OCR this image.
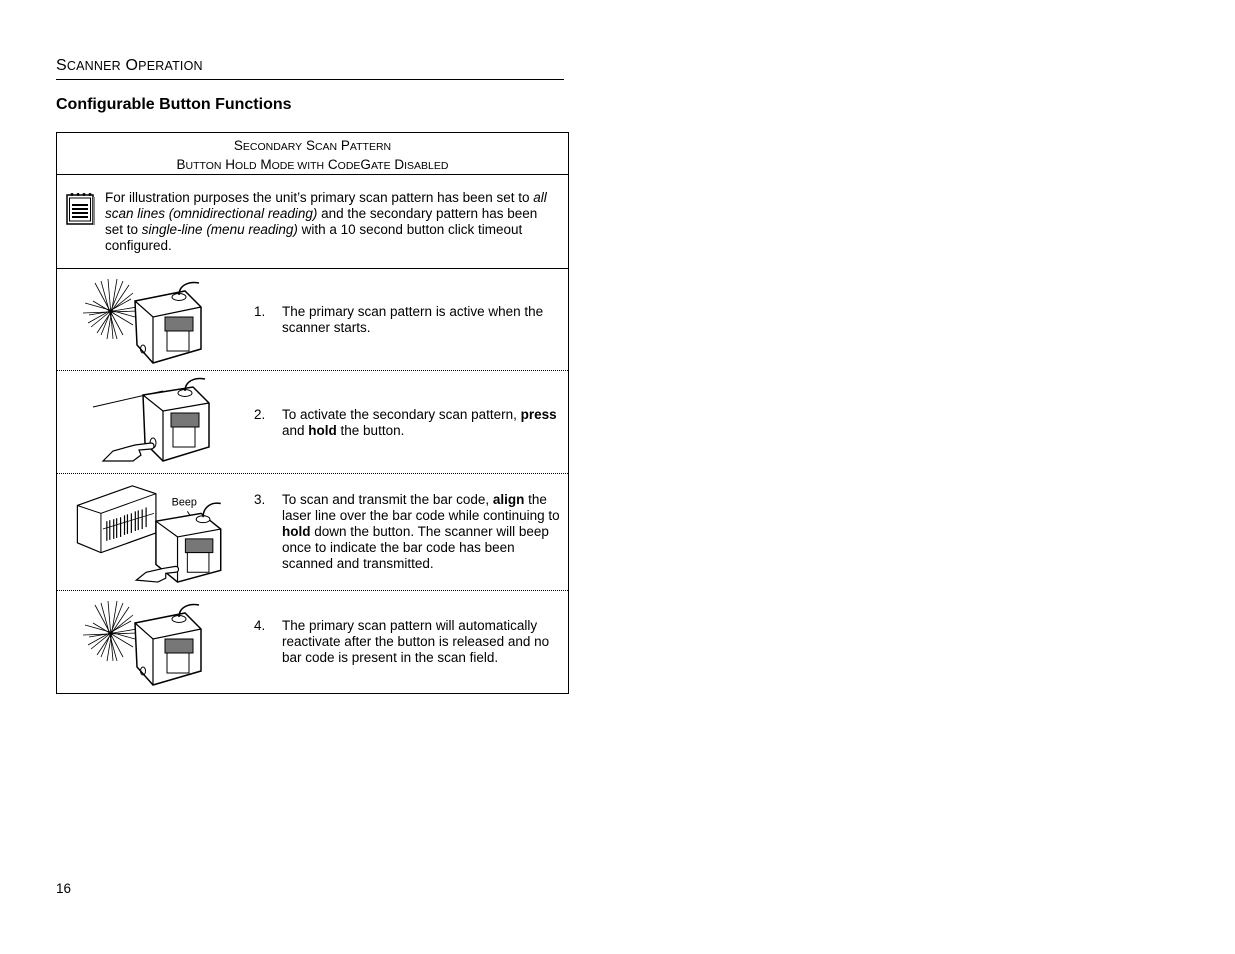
SCANNER OPERATION
Configurable Button Functions
SECONDARY SCAN PATTERN
BUTTON HOLD MODE WITH CODEGATE DISABLED
For illustration purposes the unit’s primary scan pattern has been set to all scan lines (omnidirectional reading) and the secondary pattern has been set to single-line (menu reading) with a 10 second button click timeout configured.
1. The primary scan pattern is active when the scanner starts.
2. To activate the secondary scan pattern, press and hold the button.
Beep	3. To scan and transmit the bar code, align the laser line over the bar code while continuing to hold down the button. The scanner will beep once to indicate the bar code has been scanned and transmitted.
4. The primary scan pattern will automatically reactivate after the button is released and no bar code is present in the scan field.
16
